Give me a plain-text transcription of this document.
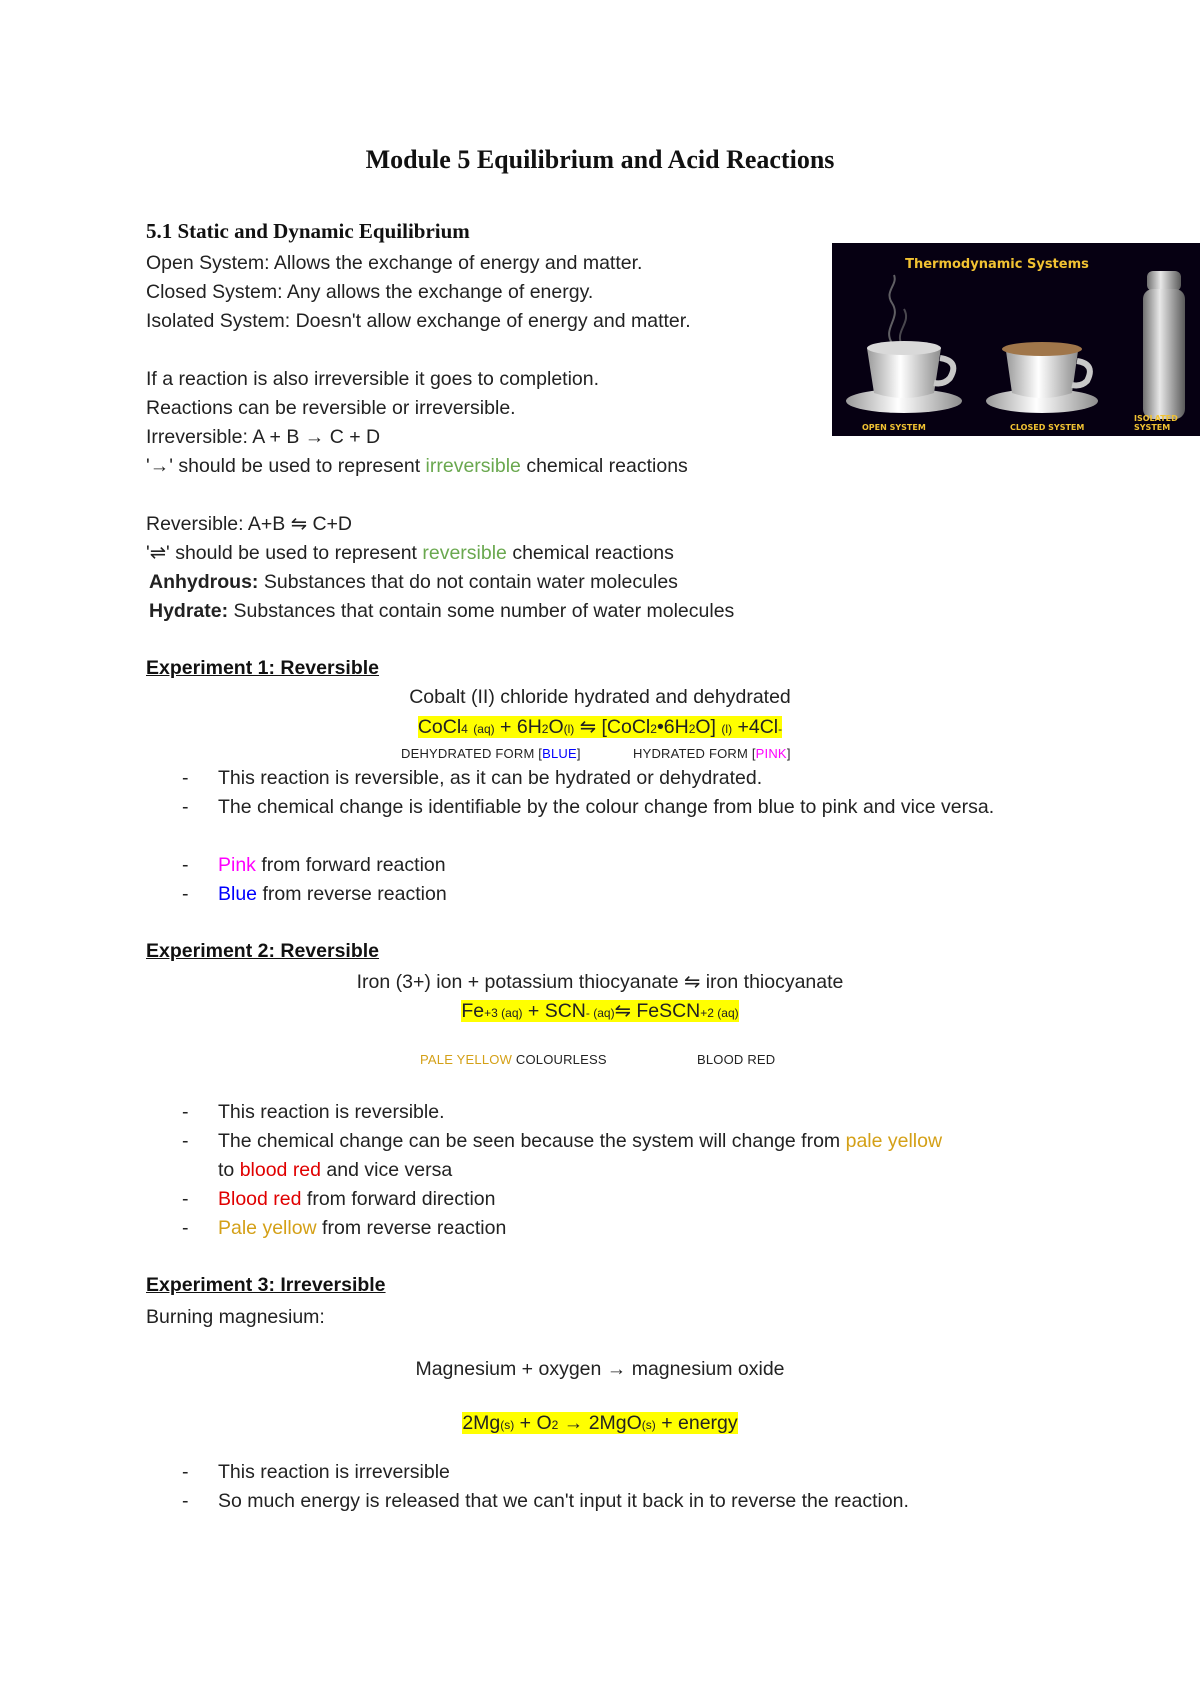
Module 5 Equilibrium and Acid Reactions
5.1 Static and Dynamic Equilibrium
Open System: Allows the exchange of energy and matter.
Closed System: Any allows the exchange of energy.
Isolated System: Doesn't allow exchange of energy and matter.
If a reaction is also irreversible it goes to completion.
Reactions can be reversible or irreversible.
Irreversible: A + B → C + D
'→' should be used to represent irreversible chemical reactions
Reversible: A+B ⇋ C+D
'⇌' should be used to represent reversible chemical reactions
Anhydrous: Substances that do not contain water molecules
Hydrate: Substances that contain some number of water molecules
Thermodynamic Systems
OPEN SYSTEM	CLOSED SYSTEM
ISOLATED SYSTEM
Experiment 1: Reversible
Cobalt (II) chloride hydrated and dehydrated
CoCl4 (aq) + 6H2O(l) ⇋ [CoCl2•6H2O] (l) +4Cl-
DEHYDRATED FORM [BLUE]	HYDRATED FORM [PINK]
- This reaction is reversible, as it can be hydrated or dehydrated.
- The chemical change is identifiable by the colour change from blue to pink and vice versa.
- Pink from forward reaction
- Blue from reverse reaction
Experiment 2: Reversible
Iron (3+) ion + potassium thiocyanate ⇋ iron thiocyanate
Fe+3 (aq) + SCN- (aq)⇋ FeSCN+2 (aq)
PALE YELLOW COLOURLESS	BLOOD RED
- This reaction is reversible.
- The chemical change can be seen because the system will change from pale yellow
to blood red and vice versa
- Blood red from forward direction
- Pale yellow from reverse reaction
Experiment 3: Irreversible
Burning magnesium:
Magnesium + oxygen → magnesium oxide
2Mg(s) + O2 → 2MgO(s) + energy
- This reaction is irreversible
- So much energy is released that we can't input it back in to reverse the reaction.
